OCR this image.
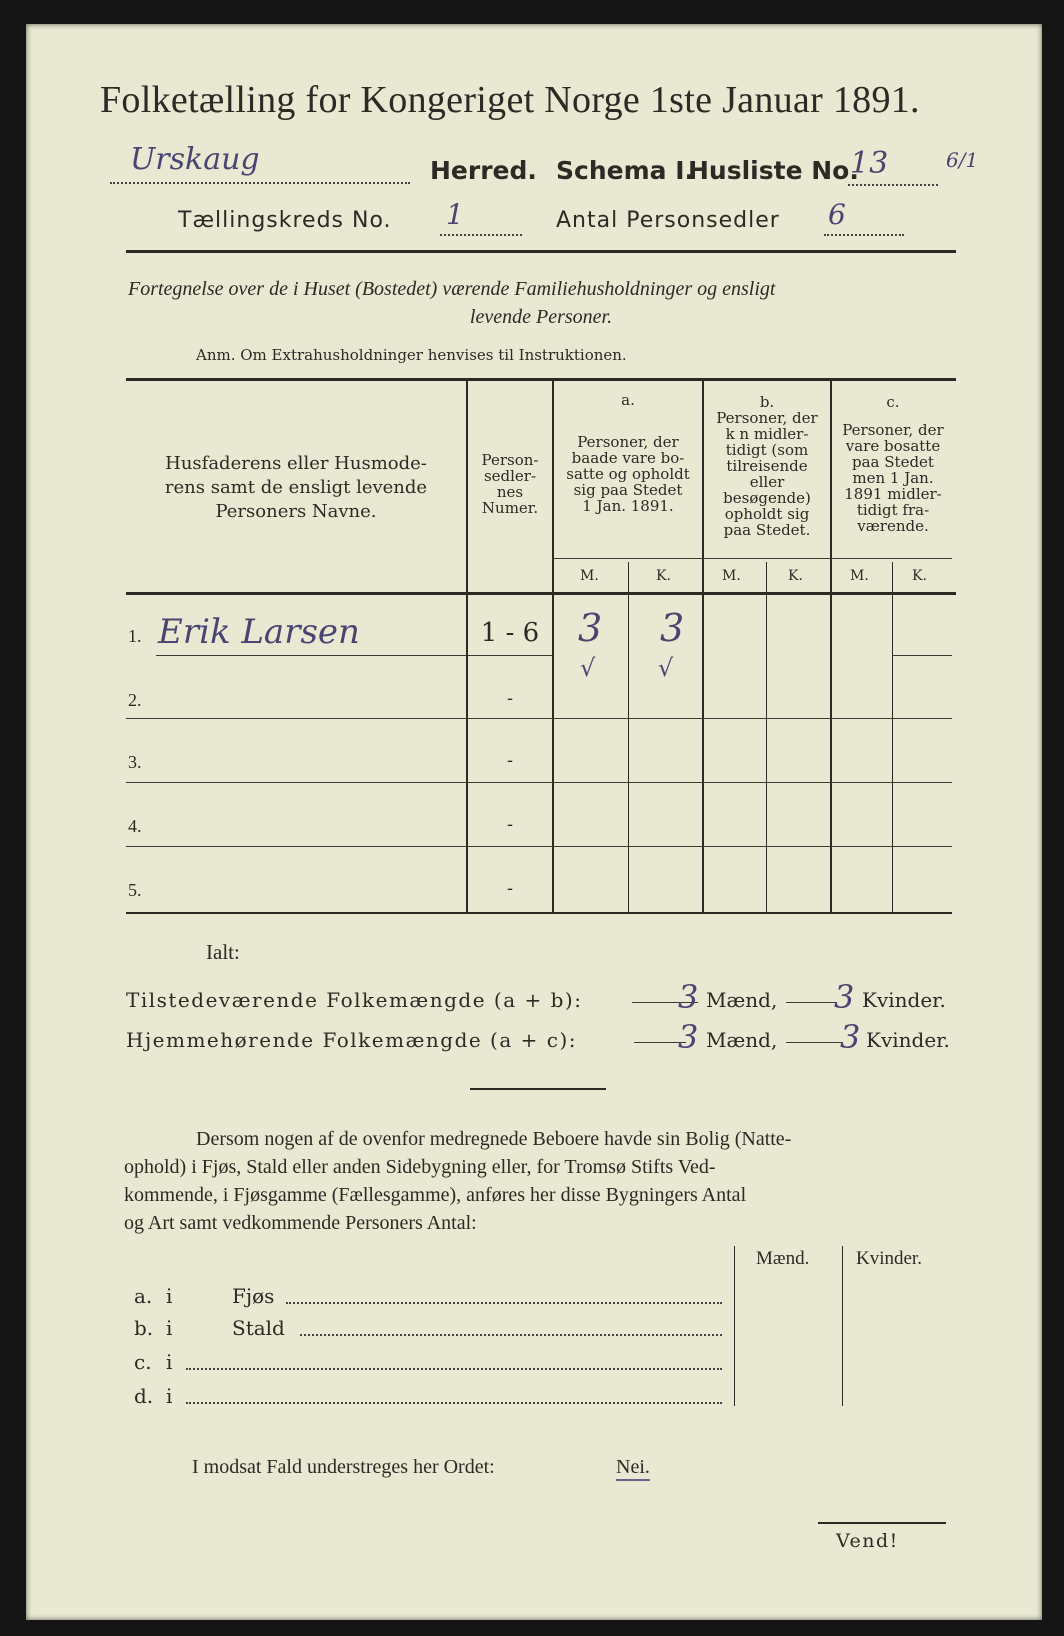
Folketælling for Kongeriget Norge 1ste Januar 1891.
Urskaug	Herred. Schema I.
Husliste No.
13	6/1
Tællingskreds No. 1	Antal Personsedler 6
Fortegnelse over de i Huset (Bostedet) værende Familiehusholdninger og ensligt
levende Personer.
Anm. Om Extrahusholdninger henvises til Instruktionen.
Husfaderens eller Husmode-
rens samt de ensligt levende
Personers Navne.
Person-
sedler-
nes
Numer.
a.
Personer, der
baade vare bo-
satte og opholdt
sig paa Stedet
1 Jan. 1891.
b.
Personer, der
k n midler-
tidigt (som
tilreisende
eller
besøgende)
opholdt sig
paa Stedet.
c.
Personer, der
vare bosatte
paa Stedet
men 1 Jan.
1891 midler-
tidigt fra-
værende.
M.	K.	M.	K.	M.	K.
1. Erik Larsen	1 - 6	3 3
√	√
2.	-
3.	-
4.	-
5.	-
Ialt:
Tilstedeværende Folkemængde (a + b):	3 Mænd, 3 Kvinder.
Hjemmehørende Folkemængde (a + c):	3 Mænd, 3 Kvinder.
Dersom nogen af de ovenfor medregnede Beboere havde sin Bolig (Natte-
ophold) i Fjøs, Stald eller anden Sidebygning eller, for Tromsø Stifts Ved-
kommende, i Fjøsgamme (Fællesgamme), anføres her disse Bygningers Antal
og Art samt vedkommende Personers Antal:
Mænd. Kvinder.
a. i	Fjøs
b. i	Stald
c. i
d. i
I modsat Fald understreges her Ordet:	Nei.
Vend!
